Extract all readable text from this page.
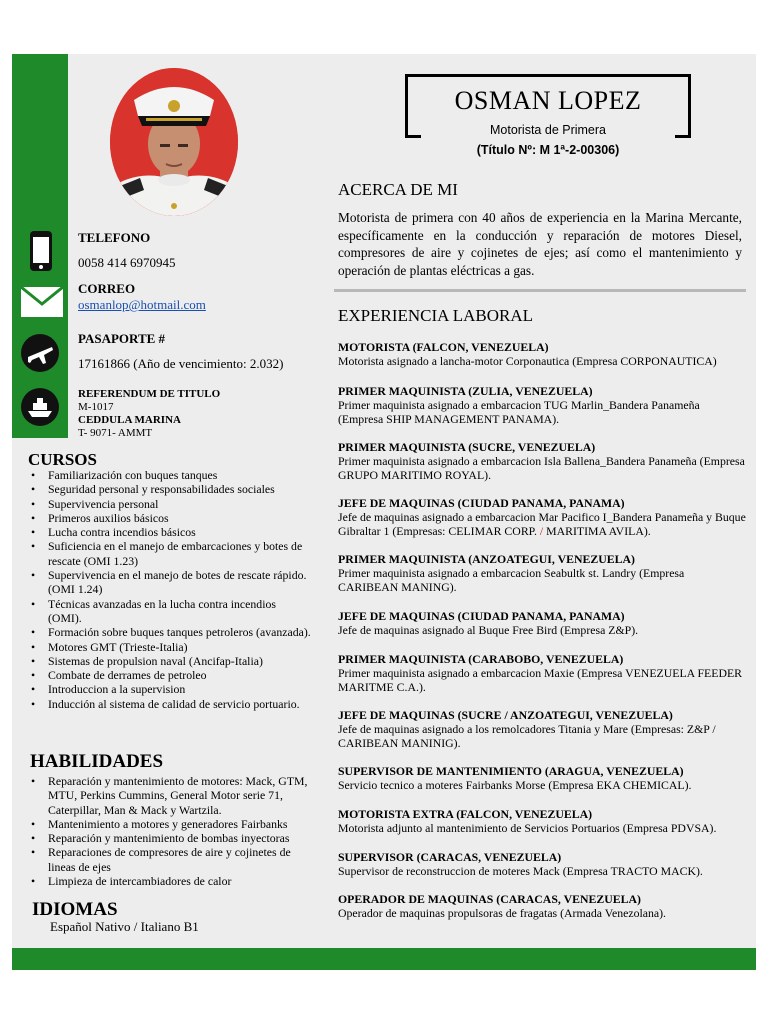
OSMAN LOPEZ
Motorista de Primera
(Título Nº: M 1ª-2-00306)
TELEFONO
0058 414 6970945
CORREO
osmanlop@hotmail.com
PASAPORTE #
17161866 (Año de vencimiento: 2.032)
REFERENDUM DE TITULO
M-1017
CEDDULA MARINA
T- 9071- AMMT
CURSOS
• Familiarización con buques tanques
• Seguridad personal y responsabilidades sociales
• Supervivencia personal
• Primeros auxilios básicos
• Lucha contra incendios básicos
• Suficiencia en el manejo de embarcaciones y botes de rescate (OMI 1.23)
• Supervivencia en el manejo de botes de rescate rápido. (OMI 1.24)
• Técnicas avanzadas en la lucha contra incendios (OMI).
• Formación sobre buques tanques petroleros (avanzada).
• Motores GMT (Trieste-Italia)
• Sistemas de propulsion naval (Ancifap-Italia)
• Combate de derrames de petroleo
• Introduccion a la supervision
• Inducción al sistema de calidad de servicio portuario.
HABILIDADES
• Reparación y mantenimiento de motores: Mack, GTM, MTU, Perkins Cummins, General Motor serie 71, Caterpillar, Man & Mack y Wartzila.
• Mantenimiento a motores y generadores Fairbanks
• Reparación y mantenimiento de bombas inyectoras
• Reparaciones de compresores de aire y cojinetes de lineas de ejes
• Limpieza de intercambiadores de calor
IDIOMAS
Español Nativo / Italiano B1
ACERCA DE MI
Motorista de primera con 40 años de experiencia en la Marina Mercante, específicamente en la conducción y reparación de motores Diesel, compresores de aire y cojinetes de ejes; así como el mantenimiento y operación de plantas eléctricas a gas.
EXPERIENCIA LABORAL
MOTORISTA (FALCON, VENEZUELA)
Motorista asignado a lancha-motor Corponautica (Empresa CORPONAUTICA)
PRIMER MAQUINISTA (ZULIA, VENEZUELA)
Primer maquinista asignado a embarcacion TUG Marlin_Bandera Panameña (Empresa SHIP MANAGEMENT PANAMA).
PRIMER MAQUINISTA (SUCRE, VENEZUELA)
Primer maquinista asignado a embarcacion Isla Ballena_Bandera Panameña (Empresa GRUPO MARITIMO ROYAL).
JEFE DE MAQUINAS (CIUDAD PANAMA, PANAMA)
Jefe de maquinas asignado a embarcacion Mar Pacifico I_Bandera Panameña y Buque Gibraltar 1 (Empresas: CELIMAR CORP. / MARITIMA AVILA).
PRIMER MAQUINISTA (ANZOATEGUI, VENEZUELA)
Primer maquinista asignado a embarcacion Seabultk st. Landry (Empresa CARIBEAN MANING).
JEFE DE MAQUINAS (CIUDAD PANAMA, PANAMA)
Jefe de maquinas asignado al Buque Free Bird (Empresa Z&P).
PRIMER MAQUINISTA (CARABOBO, VENEZUELA)
Primer maquinista asignado a embarcacion Maxie (Empresa VENEZUELA FEEDER MARITME C.A.).
JEFE DE MAQUINAS (SUCRE / ANZOATEGUI, VENEZUELA)
Jefe de maquinas asignado a los remolcadores Titania y Mare (Empresas: Z&P / CARIBEAN MANINIG).
SUPERVISOR DE MANTENIMIENTO (ARAGUA, VENEZUELA)
Servicio tecnico a moteres Fairbanks Morse (Empresa EKA CHEMICAL).
MOTORISTA EXTRA (FALCON, VENEZUELA)
Motorista adjunto al mantenimiento de Servicios Portuarios (Empresa PDVSA).
SUPERVISOR (CARACAS, VENEZUELA)
Supervisor de reconstruccion de moteres Mack (Empresa TRACTO MACK).
OPERADOR DE MAQUINAS (CARACAS, VENEZUELA)
Operador de maquinas propulsoras de fragatas (Armada Venezolana).
